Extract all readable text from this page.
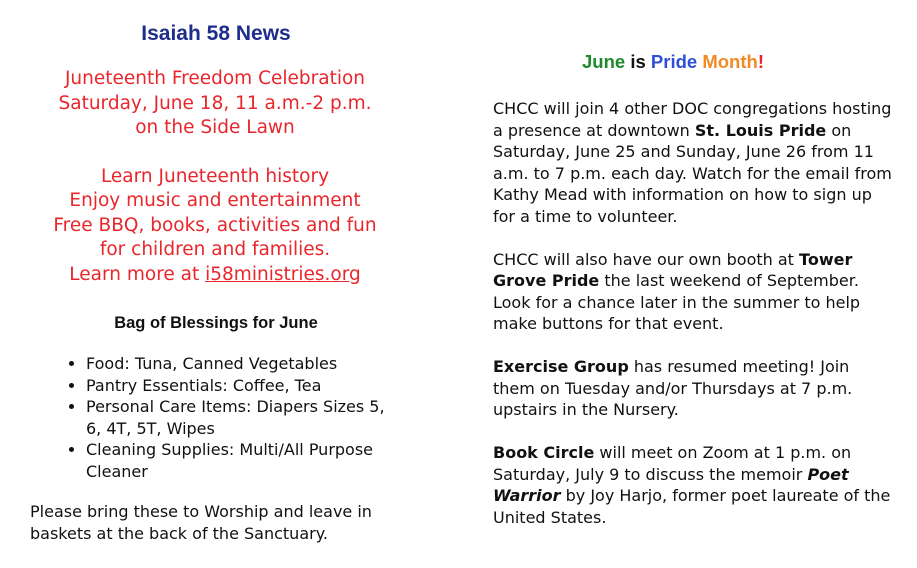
Isaiah 58 News
Juneteenth Freedom Celebration
Saturday, June 18, 11 a.m.-2 p.m.
on the Side Lawn
Learn Juneteenth history
Enjoy music and entertainment
Free BBQ, books, activities and fun
for children and families.
Learn more at i58ministries.org
Bag of Blessings for June
• Food: Tuna, Canned Vegetables
• Pantry Essentials: Coffee, Tea
• Personal Care Items: Diapers Sizes 5, 6, 4T, 5T, Wipes
• Cleaning Supplies: Multi/All Purpose Cleaner
Please bring these to Worship and leave in baskets at the back of the Sanctuary.
June is Pride Month!

CHCC will join 4 other DOC congregations hosting a presence at downtown St. Louis Pride on Saturday, June 25 and Sunday, June 26 from 11 a.m. to 7 p.m. each day. Watch for the email from Kathy Mead with information on how to sign up for a time to volunteer.

CHCC will also have our own booth at Tower Grove Pride the last weekend of September. Look for a chance later in the summer to help make buttons for that event.

Exercise Group has resumed meeting! Join them on Tuesday and/or Thursdays at 7 p.m. upstairs in the Nursery.

Book Circle will meet on Zoom at 1 p.m. on Saturday, July 9 to discuss the memoir Poet Warrior by Joy Harjo, former poet laureate of the United States.
